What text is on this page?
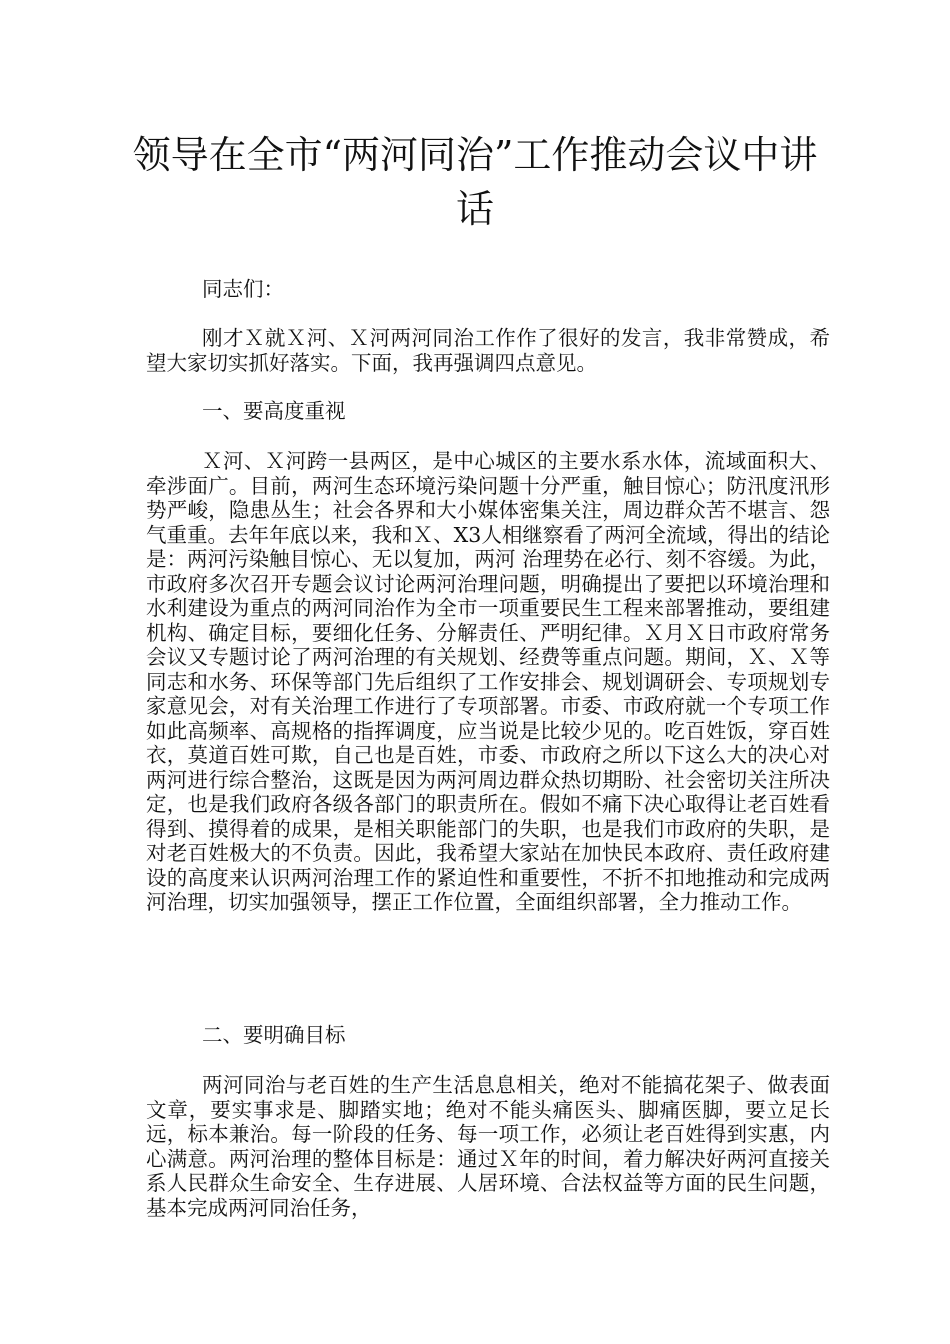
领导在全市“两河同治”工作推动会议中讲话

同志们：

刚才Ｘ就Ｘ河、Ｘ河两河同治工作作了很好的发言，我非常赞成，希望大家切实抓好落实。下面，我再强调四点意见。

一、要高度重视

Ｘ河、Ｘ河跨一县两区，是中心城区的主要水系水体，流域面积大、牵涉面广。目前，两河生态环境污染问题十分严重，触目惊心；防汛度汛形势严峻，隐患丛生；社会各界和大小媒体密集关注，周边群众苦不堪言、怨气重重。去年年底以来，我和Ｘ、X3人相继察看了两河全流域，得出的结论是：两河污染触目惊心、无以复加，两河 治理势在必行、刻不容缓。为此，市政府多次召开专题会议讨论两河治理问题，明确提出了要把以环境治理和水利建设为重点的两河同治作为全市一项重要民生工程来部署推动，要组建机构、确定目标，要细化任务、分解责任、严明纪律。Ｘ月Ｘ日市政府常务会议又专题讨论了两河治理的有关规划、经费等重点问题。期间，Ｘ、Ｘ等同志和水务、环保等部门先后组织了工作安排会、规划调研会、专项规划专家意见会，对有关治理工作进行了专项部署。市委、市政府就一个专项工作如此高频率、高规格的指挥调度，应当说是比较少见的。吃百姓饭，穿百姓衣，莫道百姓可欺，自己也是百姓，市委、市政府之所以下这么大的决心对两河进行综合整治，这既是因为两河周边群众热切期盼、社会密切关注所决定，也是我们政府各级各部门的职责所在。假如不痛下决心取得让老百姓看得到、摸得着的成果，是相关职能部门的失职，也是我们市政府的失职，是对老百姓极大的不负责。因此，我希望大家站在加快民本政府、责任政府建设的高度来认识两河治理工作的紧迫性和重要性，不折不扣地推动和完成两河治理，切实加强领导，摆正工作位置，全面组织部署，全力推动工作。

二、要明确目标

两河同治与老百姓的生产生活息息相关，绝对不能搞花架子、做表面文章，要实事求是、脚踏实地；绝对不能头痛医头、脚痛医脚，要立足长远，标本兼治。每一阶段的任务、每一项工作，必须让老百姓得到实惠，内心满意。两河治理的整体目标是：通过Ｘ年的时间，着力解决好两河直接关系人民群众生命安全、生存进展、人居环境、合法权益等方面的民生问题，基本完成两河同治任务，
